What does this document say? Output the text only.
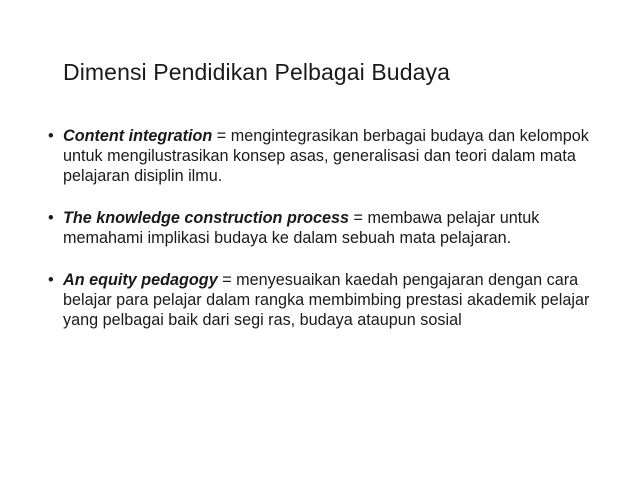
Dimensi Pendidikan Pelbagai Budaya
• Content integration = mengintegrasikan berbagai budaya dan kelompok untuk mengilustrasikan konsep asas, generalisasi dan teori dalam mata pelajaran disiplin ilmu.
• The knowledge construction process = membawa pelajar untuk memahami implikasi budaya ke dalam sebuah mata pelajaran.
• An equity pedagogy = menyesuaikan kaedah pengajaran dengan cara belajar para pelajar dalam rangka membimbing prestasi akademik pelajar yang pelbagai baik dari segi ras, budaya ataupun sosial
